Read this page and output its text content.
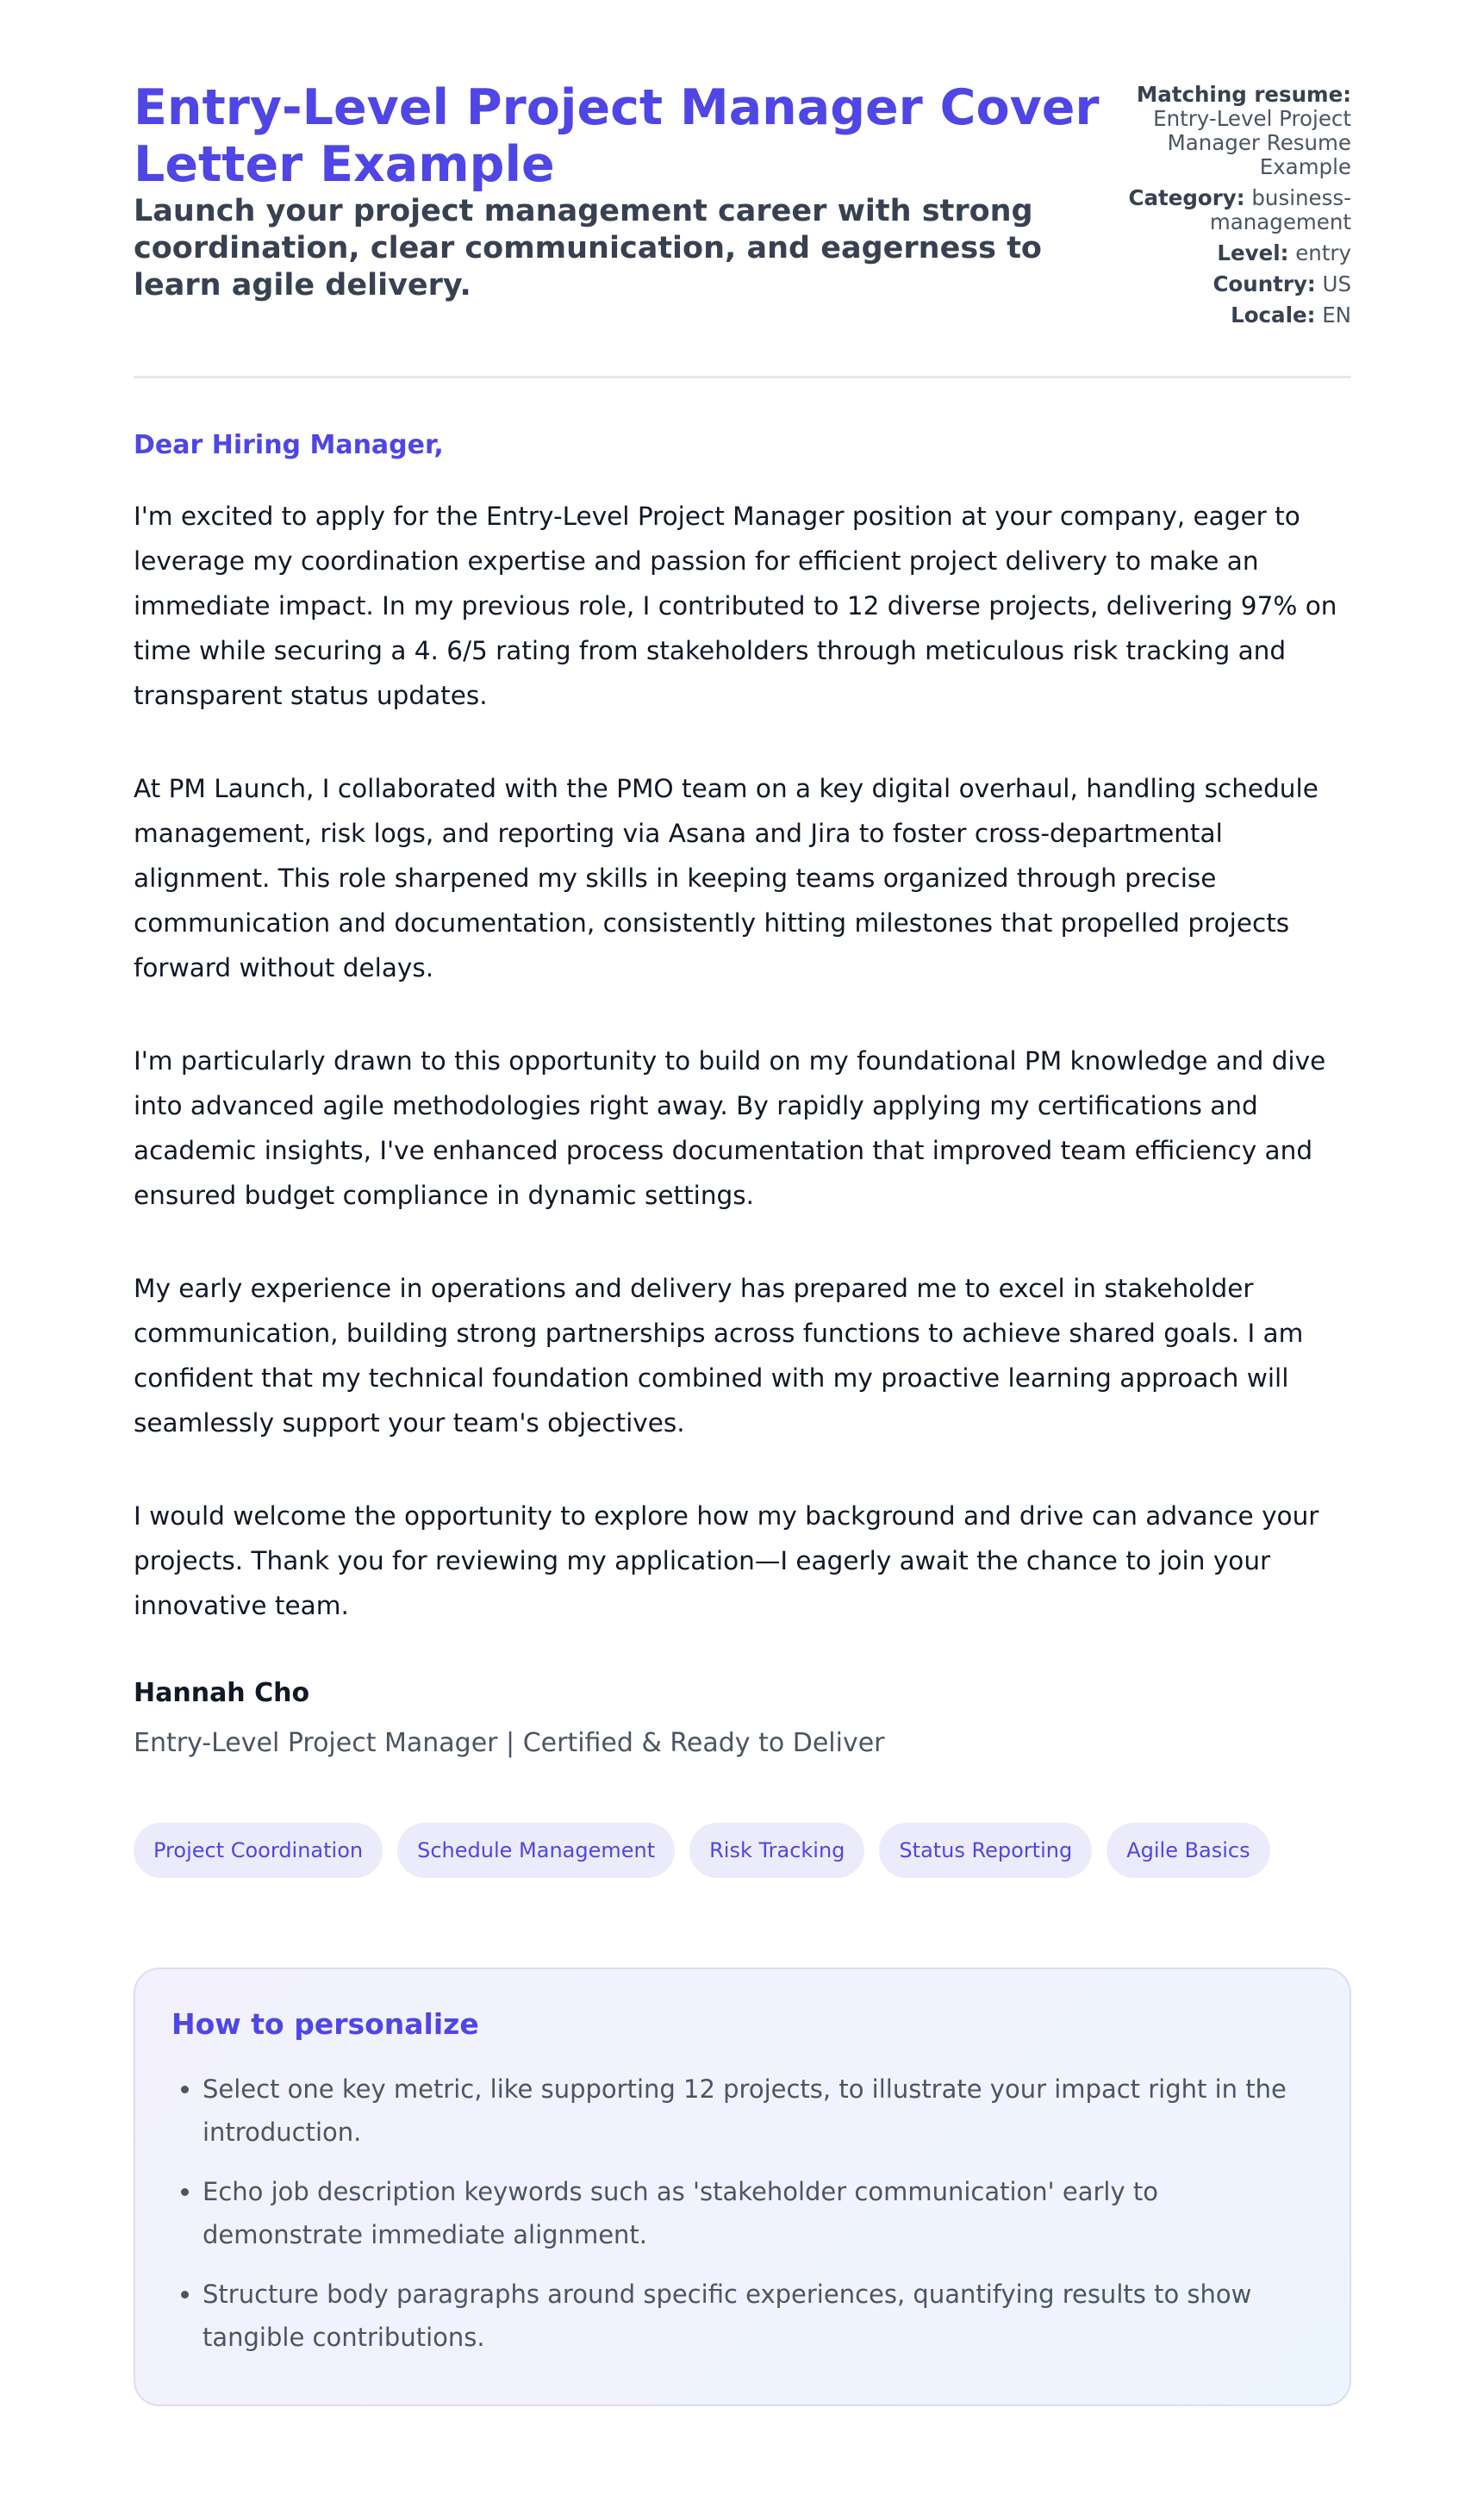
Entry-Level Project Manager Cover Letter Example

Launch your project management career with strong coordination, clear communication, and eagerness to learn agile delivery.

Matching resume:
Entry-Level Project Manager Resume Example
Category: business-management
Level: entry
Country: US
Locale: EN
Dear Hiring Manager,

I'm excited to apply for the Entry-Level Project Manager position at your company, eager to leverage my coordination expertise and passion for efficient project delivery to make an immediate impact. In my previous role, I contributed to 12 diverse projects, delivering 97% on time while securing a 4. 6/5 rating from stakeholders through meticulous risk tracking and transparent status updates.

At PM Launch, I collaborated with the PMO team on a key digital overhaul, handling schedule management, risk logs, and reporting via Asana and Jira to foster cross-departmental alignment. This role sharpened my skills in keeping teams organized through precise communication and documentation, consistently hitting milestones that propelled projects forward without delays.

I'm particularly drawn to this opportunity to build on my foundational PM knowledge and dive into advanced agile methodologies right away. By rapidly applying my certifications and academic insights, I've enhanced process documentation that improved team efficiency and ensured budget compliance in dynamic settings.

My early experience in operations and delivery has prepared me to excel in stakeholder communication, building strong partnerships across functions to achieve shared goals. I am confident that my technical foundation combined with my proactive learning approach will seamlessly support your team's objectives.

I would welcome the opportunity to explore how my background and drive can advance your projects. Thank you for reviewing my application—I eagerly await the chance to join your innovative team.

Hannah Cho
Entry-Level Project Manager | Certified & Ready to Deliver
Project Coordination	Schedule Management	Risk Tracking	Status Reporting	Agile Basics
How to personalize
• Select one key metric, like supporting 12 projects, to illustrate your impact right in the introduction.
• Echo job description keywords such as 'stakeholder communication' early to demonstrate immediate alignment.
• Structure body paragraphs around specific experiences, quantifying results to show tangible contributions.
